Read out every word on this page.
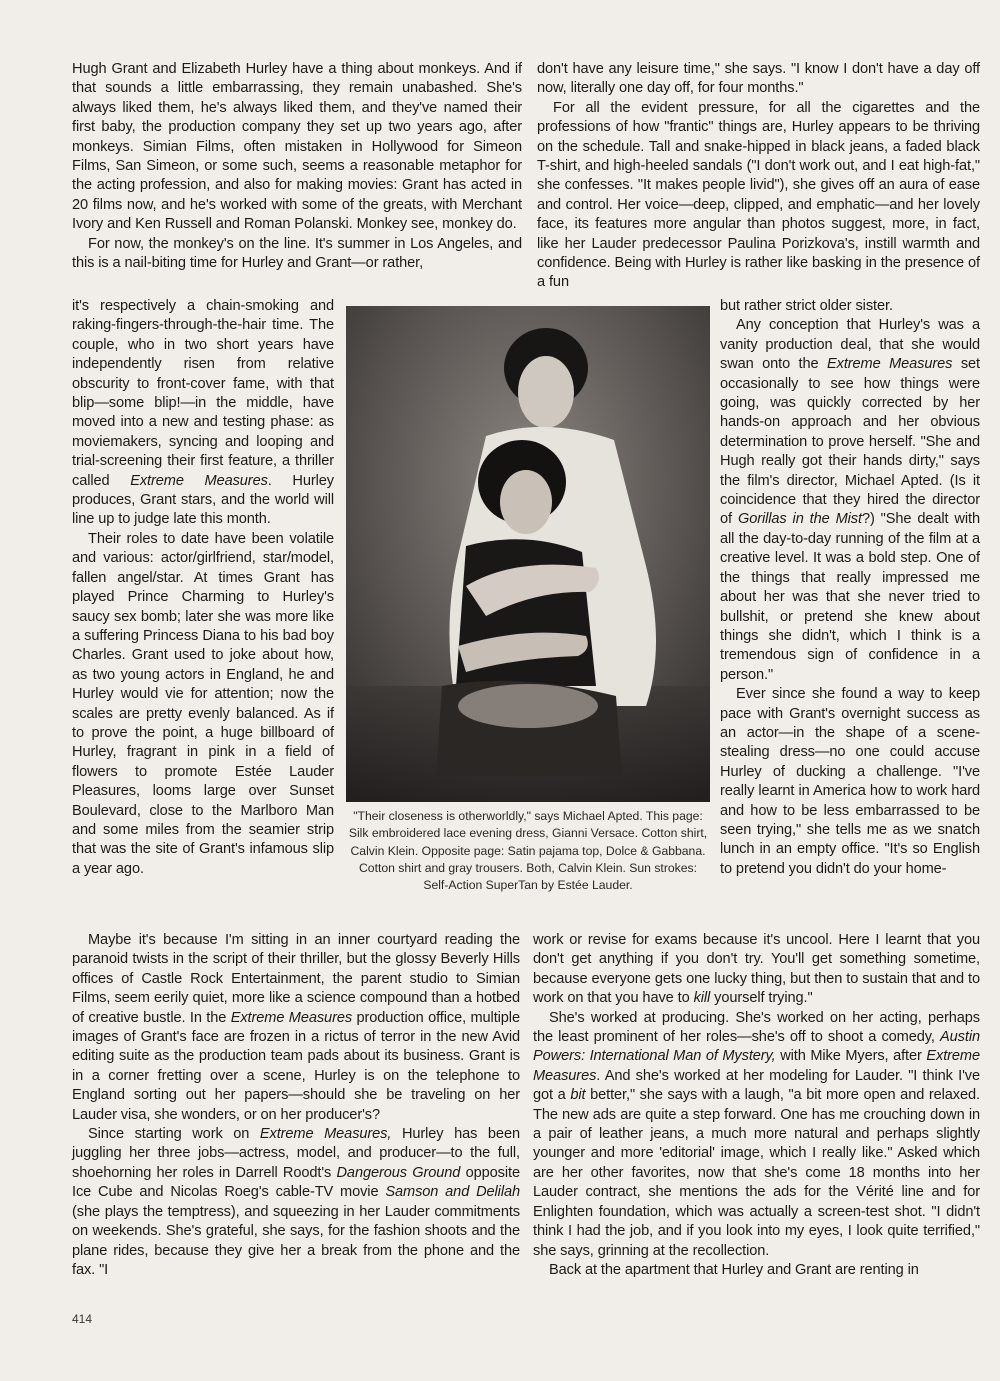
Hugh Grant and Elizabeth Hurley have a thing about monkeys. And if that sounds a little embarrassing, they remain unabashed. She's always liked them, he's always liked them, and they've named their first baby, the production company they set up two years ago, after monkeys. Simian Films, often mistaken in Hollywood for Simeon Films, San Simeon, or some such, seems a reasonable metaphor for the acting profession, and also for making movies: Grant has acted in 20 films now, and he's worked with some of the greats, with Merchant Ivory and Ken Russell and Roman Polanski. Monkey see, monkey do.

For now, the monkey's on the line. It's summer in Los Angeles, and this is a nail-biting time for Hurley and Grant—or rather,

it's respectively a chain-smoking and raking-fingers-through-the-hair time. The couple, who in two short years have independently risen from relative obscurity to front-cover fame, with that blip—some blip!—in the middle, have moved into a new and testing phase: as moviemakers, syncing and looping and trial-screening their first feature, a thriller called Extreme Measures. Hurley produces, Grant stars, and the world will line up to judge late this month.

Their roles to date have been volatile and various: actor/girlfriend, star/model, fallen angel/star. At times Grant has played Prince Charming to Hurley's saucy sex bomb; later she was more like a suffering Princess Diana to his bad boy Charles. Grant used to joke about how, as two young actors in England, he and Hurley would vie for attention; now the scales are pretty evenly balanced. As if to prove the point, a huge billboard of Hurley, fragrant in pink in a field of flowers to promote Estée Lauder Pleasures, looms large over Sunset Boulevard, close to the Marlboro Man and some miles from the seamier strip that was the site of Grant's infamous slip a year ago.

"Their closeness is otherworldly," says Michael Apted. This page: Silk embroidered lace evening dress, Gianni Versace. Cotton shirt, Calvin Klein. Opposite page: Satin pajama top, Dolce & Gabbana. Cotton shirt and gray trousers. Both, Calvin Klein. Sun strokes: Self-Action SuperTan by Estée Lauder.

don't have any leisure time," she says. "I know I don't have a day off now, literally one day off, for four months."

For all the evident pressure, for all the cigarettes and the professions of how "frantic" things are, Hurley appears to be thriving on the schedule. Tall and snake-hipped in black jeans, a faded black T-shirt, and high-heeled sandals ("I don't work out, and I eat high-fat," she confesses. "It makes people livid"), she gives off an aura of ease and control. Her voice—deep, clipped, and emphatic—and her lovely face, its features more angular than photos suggest, more, in fact, like her Lauder predecessor Paulina Porizkova's, instill warmth and confidence. Being with Hurley is rather like basking in the presence of a fun

but rather strict older sister.

Any conception that Hurley's was a vanity production deal, that she would swan onto the Extreme Measures set occasionally to see how things were going, was quickly corrected by her hands-on approach and her obvious determination to prove herself. "She and Hugh really got their hands dirty," says the film's director, Michael Apted. (Is it coincidence that they hired the director of Gorillas in the Mist?) "She dealt with all the day-to-day running of the film at a creative level. It was a bold step. One of the things that really impressed me about her was that she never tried to bullshit, or pretend she knew about things she didn't, which I think is a tremendous sign of confidence in a person."

Ever since she found a way to keep pace with Grant's overnight success as an actor—in the shape of a scene-stealing dress—no one could accuse Hurley of ducking a challenge. "I've really learnt in America how to work hard and how to be less embarrassed to be seen trying," she tells me as we snatch lunch in an empty office. "It's so English to pretend you didn't do your home-

Maybe it's because I'm sitting in an inner courtyard reading the paranoid twists in the script of their thriller, but the glossy Beverly Hills offices of Castle Rock Entertainment, the parent studio to Simian Films, seem eerily quiet, more like a science compound than a hotbed of creative bustle. In the Extreme Measures production office, multiple images of Grant's face are frozen in a rictus of terror in the new Avid editing suite as the production team pads about its business. Grant is in a corner fretting over a scene, Hurley is on the telephone to England sorting out her papers—should she be traveling on her Lauder visa, she wonders, or on her producer's?

Since starting work on Extreme Measures, Hurley has been juggling her three jobs—actress, model, and producer—to the full, shoehorning her roles in Darrell Roodt's Dangerous Ground opposite Ice Cube and Nicolas Roeg's cable-TV movie Samson and Delilah (she plays the temptress), and squeezing in her Lauder commitments on weekends. She's grateful, she says, for the fashion shoots and the plane rides, because they give her a break from the phone and the fax. "I

work or revise for exams because it's uncool. Here I learnt that you don't get anything if you don't try. You'll get something sometime, because everyone gets one lucky thing, but then to sustain that and to work on that you have to kill yourself trying."

She's worked at producing. She's worked on her acting, perhaps the least prominent of her roles—she's off to shoot a comedy, Austin Powers: International Man of Mystery, with Mike Myers, after Extreme Measures. And she's worked at her modeling for Lauder. "I think I've got a bit better," she says with a laugh, "a bit more open and relaxed. The new ads are quite a step forward. One has me crouching down in a pair of leather jeans, a much more natural and perhaps slightly younger and more 'editorial' image, which I really like." Asked which are her other favorites, now that she's come 18 months into her Lauder contract, she mentions the ads for the Vérité line and for Enlighten foundation, which was actually a screen-test shot. "I didn't think I had the job, and if you look into my eyes, I look quite terrified," she says, grinning at the recollection.

Back at the apartment that Hurley and Grant are renting in

414
